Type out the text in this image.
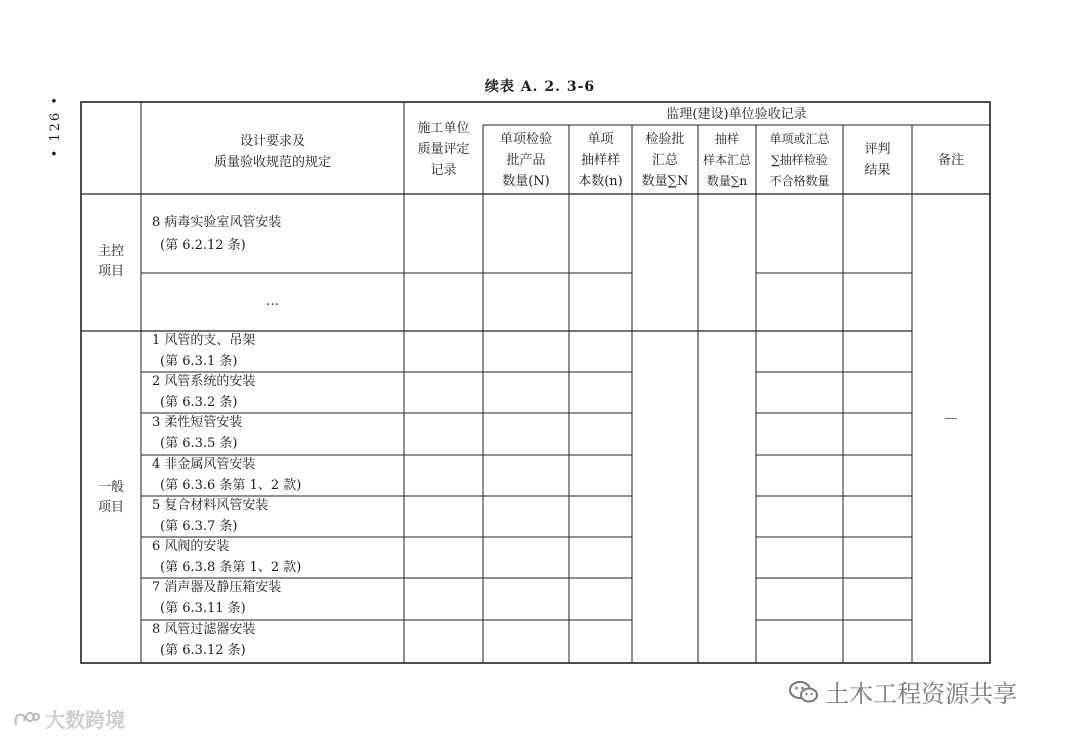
• 126 •
续表 A. 2. 3-6
设计要求及
质量验收规范的规定
施工单位
质量评定
记录
监理(建设)单位验收记录
单项检验
批产品
数量(N)
单项
抽样样
本数(n)
检验批
汇总
数量∑N
抽样
样本汇总
数量∑n
单项或汇总
∑抽样检验
不合格数量
评判
结果
备注
主控
项目
一般
项目
8 病毒实验室风管安装
(第 6.2.12 条)
…
1 风管的支、吊架
(第 6.3.1 条)
2 风管系统的安装
(第 6.3.2 条)
3 柔性短管安装
(第 6.3.5 条)
4 非金属风管安装
(第 6.3.6 条第 1、2 款)
5 复合材料风管安装
(第 6.3.7 条)
6 风阀的安装
(第 6.3.8 条第 1、2 款)
7 消声器及静压箱安装
(第 6.3.11 条)
8 风管过滤器安装
(第 6.3.12 条)
—
大数跨境
土木工程资源共享
